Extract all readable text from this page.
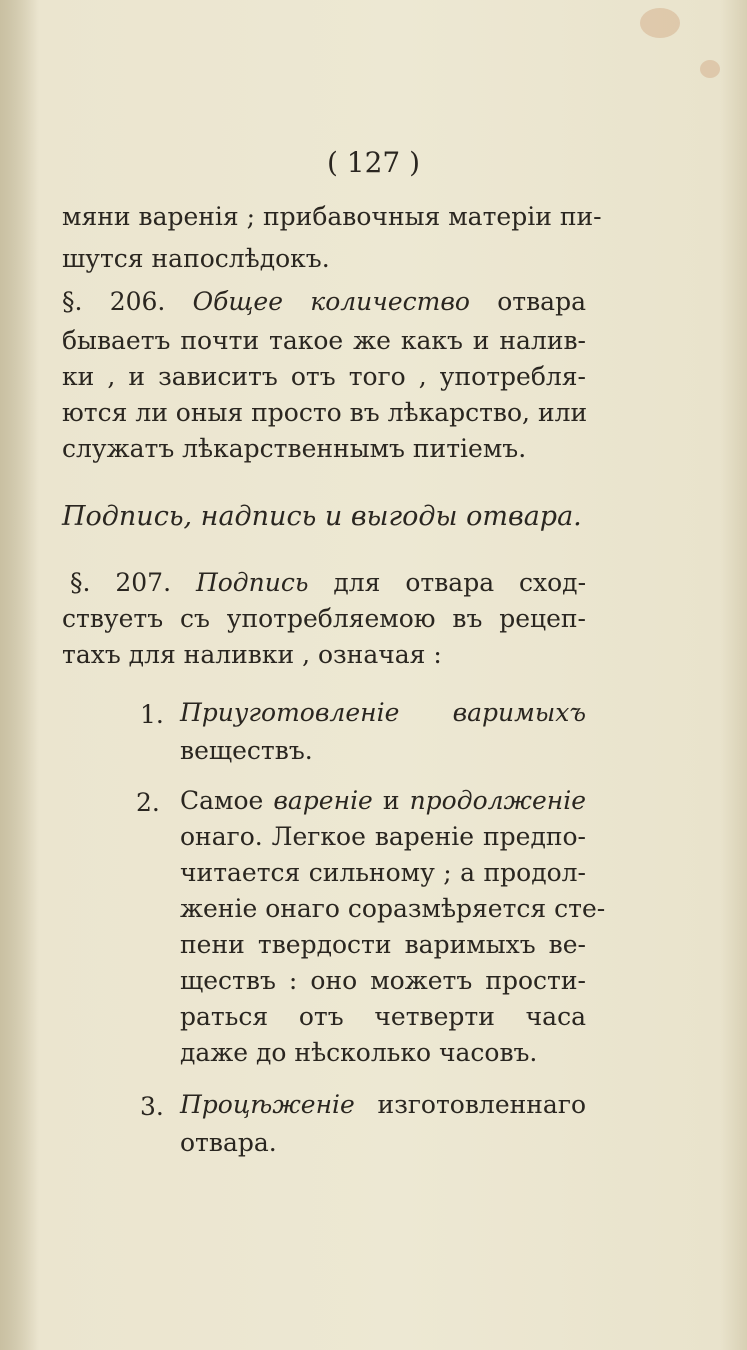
( 127 )
мяни варенiя ; прибавочныя матерiи пи-
шутся напослѣдокъ.
§. 206. Общее количество отвара
бываетъ почти такое же какъ и налив-
ки , и зависитъ отъ того , употребля-
ются ли оныя просто въ лѣкарство, или
служатъ лѣкарственнымъ питiемъ.
Подпись, надпись и выгоды отвара.
§. 207. Подпись для отвара сход-
ствуетъ съ употребляемою въ рецеп-
тахъ для наливки , означая :
1. Приуготовленiе варимыхъ
веществъ.
2. Самое варенiе и продолженiе
онаго. Легкое варенiе предпо-
читается сильному ; а продол-
женiе онаго соразмѣряется сте-
пени твердости варимыхъ ве-
ществъ : оно можетъ прости-
раться отъ четверти часа
даже до нѣсколько часовъ.
3. Процѣженiе изготовленнаго
отвара.
